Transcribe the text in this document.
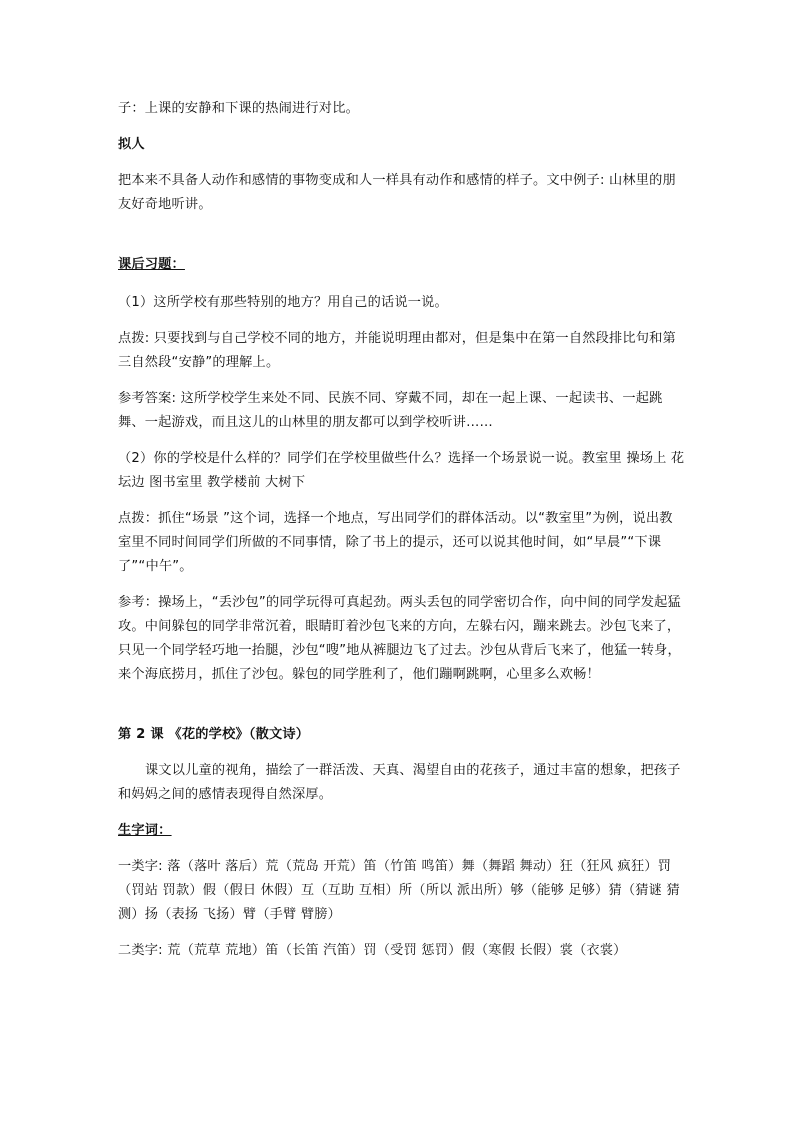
子：上课的安静和下课的热闹进行对比。

拟人

把本来不具备人动作和感情的事物变成和人一样具有动作和感情的样子。文中例子: 山林里的朋友好奇地听讲。

课后习题：

（1）这所学校有那些特别的地方？用自己的话说一说。

点拨: 只要找到与自己学校不同的地方，并能说明理由都对，但是集中在第一自然段排比句和第三自然段“安静”的理解上。

参考答案: 这所学校学生来处不同、民族不同、穿戴不同，却在一起上课、一起读书、一起跳舞、一起游戏，而且这儿的山林里的朋友都可以到学校听讲……

（2）你的学校是什么样的？同学们在学校里做些什么？选择一个场景说一说。教室里 操场上 花坛边 图书室里 教学楼前 大树下

点拨：抓住“场景 ”这个词，选择一个地点，写出同学们的群体活动。以“教室里”为例，说出教室里不同时间同学们所做的不同事情，除了书上的提示，还可以说其他时间，如“早晨”“下课了”“中午”。

参考：操场上，“丢沙包”的同学玩得可真起劲。两头丢包的同学密切合作，向中间的同学发起猛攻。中间躲包的同学非常沉着，眼睛盯着沙包飞来的方向，左躲右闪，蹦来跳去。沙包飞来了，只见一个同学轻巧地一抬腿，沙包“嗖”地从裤腿边飞了过去。沙包从背后飞来了，他猛一转身，来个海底捞月，抓住了沙包。躲包的同学胜利了，他们蹦啊跳啊，心里多么欢畅！

第 2 课 《花的学校》（散文诗）

课文以儿童的视角，描绘了一群活泼、天真、渴望自由的花孩子，通过丰富的想象，把孩子和妈妈之间的感情表现得自然深厚。

生字词：

一类字: 落（落叶 落后）荒（荒岛 开荒）笛（竹笛 鸣笛）舞（舞蹈 舞动）狂（狂风 疯狂）罚（罚站 罚款）假（假日 休假）互（互助 互相）所（所以 派出所）够（能够 足够）猜（猜谜 猜测）扬（表扬 飞扬）臂（手臂 臂膀）

二类字: 荒（荒草 荒地）笛（长笛 汽笛）罚（受罚 惩罚）假（寒假 长假）裳（衣裳）
